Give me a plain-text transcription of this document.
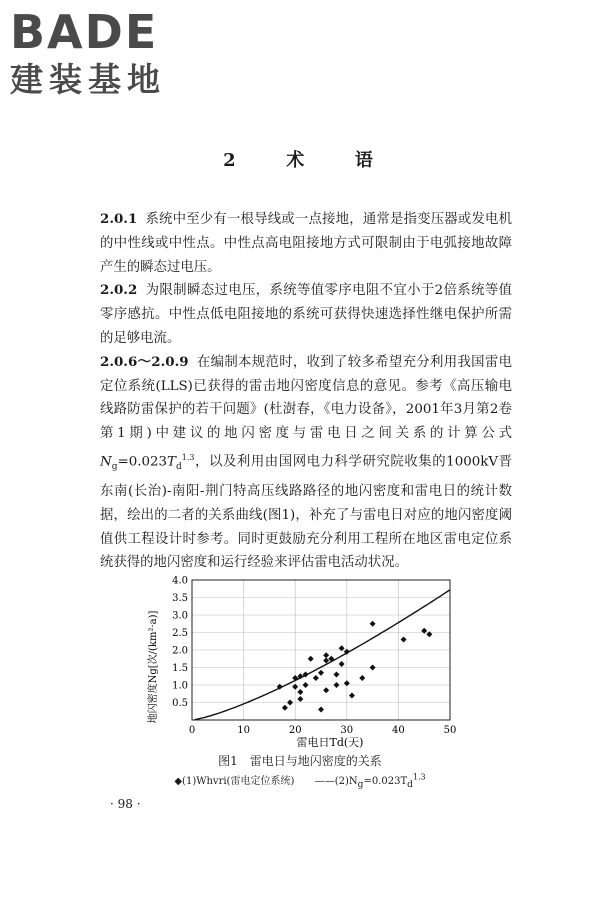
BADE
建装基地
2	术	语

2.0.1 系统中至少有一根导线或一点接地，通常是指变压器或发电机的中性线或中性点。中性点高电阻接地方式可限制由于电弧接地故障产生的瞬态过电压。

2.0.2 为限制瞬态过电压，系统等值零序电阻不宜小于2倍系统等值零序感抗。中性点低电阻接地的系统可获得快速选择性继电保护所需的足够电流。

2.0.6～2.0.9 在编制本规范时，收到了较多希望充分利用我国雷电定位系统(LLS)已获得的雷击地闪密度信息的意见。参考《高压输电线路防雷保护的若干问题》(杜澍春，《电力设备》，2001年3月第2卷第1期)中建议的地闪密度与雷电日之间关系的计算公式$N_g=0.023T_d^{1.3}$，以及利用由国网电力科学研究院收集的1000kV晋东南(长治)-南阳-荆门特高压线路路径的地闪密度和雷电日的统计数据，绘出的二者的关系曲线(图1)，补充了与雷电日对应的地闪密度阈值供工程设计时参考。同时更鼓励充分利用工程所在地区雷电定位系统获得的地闪密度和运行经验来评估雷电活动状况。

地闪密度Ng[次/(km²·a)]
0	10	20	30	40	50
0.5
1.0
1.5
2.0
2.5
3.0
3.5
4.0
雷电日Td(天)
图1　雷电日与地闪密度的关系
◆(1)Whvri(雷电定位系统) $——(2)Ng=0.023Td^{1.3}$
· 98 ·
